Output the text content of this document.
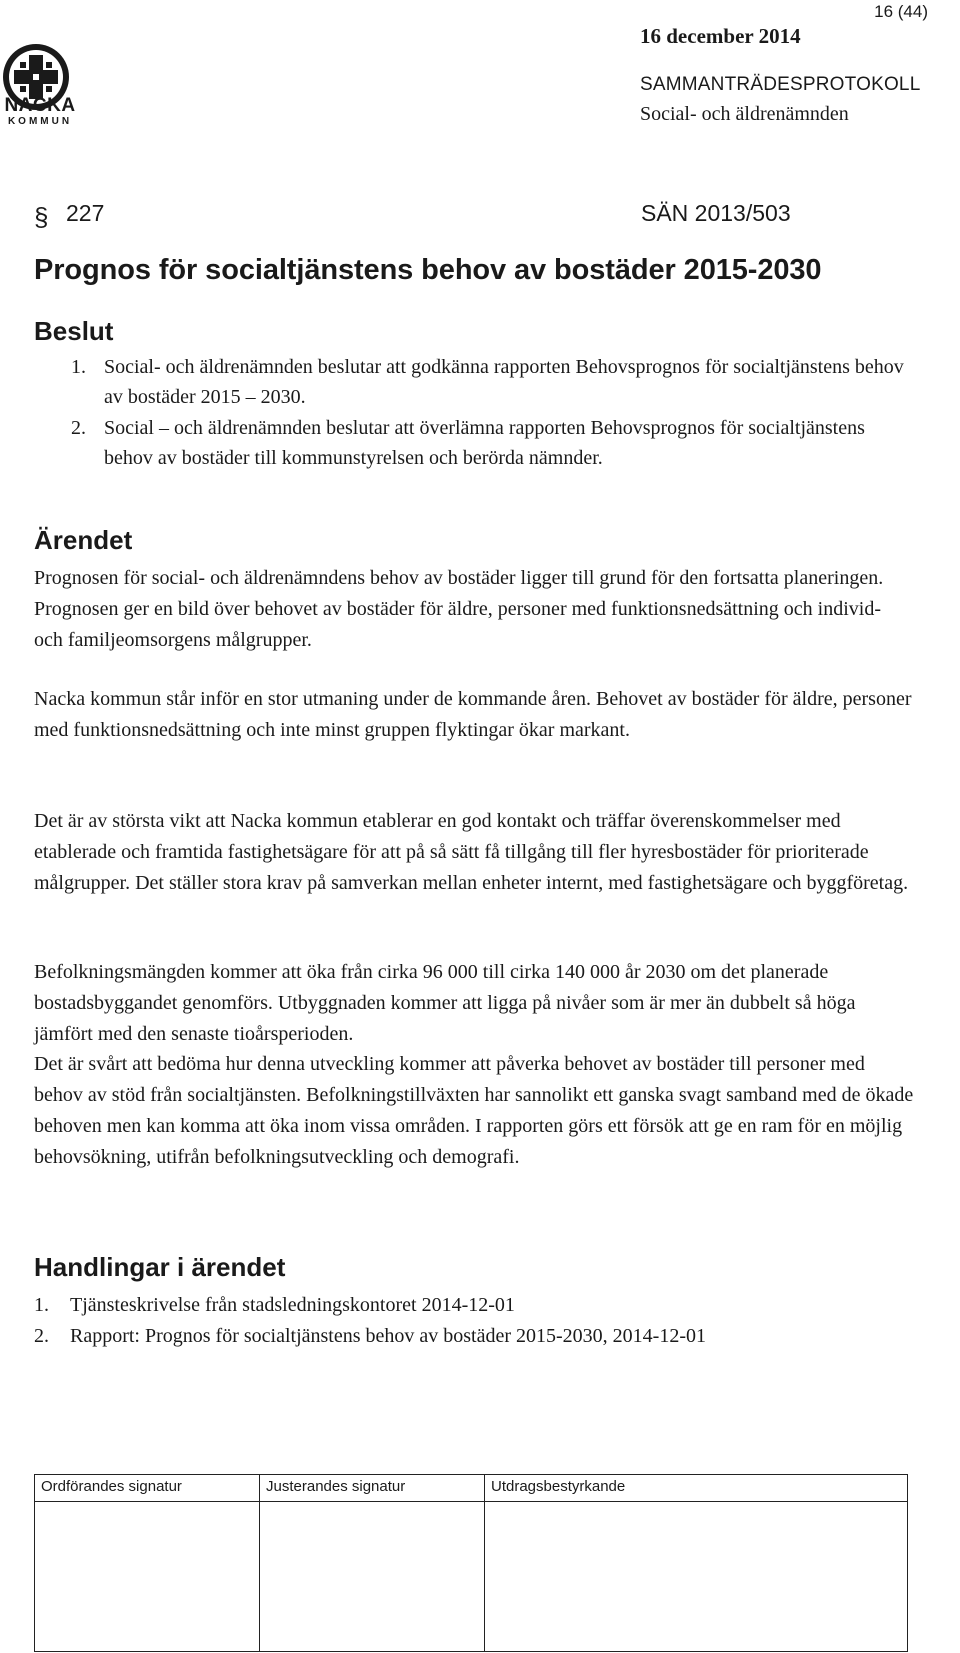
NACKA
KOMMUN
16 (44)
16 december 2014
SAMMANTRÄDESPROTOKOLL
Social- och äldrenämnden
§ 227	SÄN 2013/503
Prognos för socialtjänstens behov av bostäder 2015-2030
Beslut
1. Social- och äldrenämnden beslutar att godkänna rapporten Behovsprognos för socialtjänstens behov av bostäder 2015 – 2030.
2. Social – och äldrenämnden beslutar att överlämna rapporten Behovsprognos för socialtjänstens behov av bostäder till kommunstyrelsen och berörda nämnder.
Ärendet

Prognosen för social- och äldrenämndens behov av bostäder ligger till grund för den fortsatta planeringen. Prognosen ger en bild över behovet av bostäder för äldre, personer med funktionsnedsättning och individ- och familjeomsorgens målgrupper.

Nacka kommun står inför en stor utmaning under de kommande åren. Behovet av bostäder för äldre, personer med funktionsnedsättning och inte minst gruppen flyktingar ökar markant.

Det är av största vikt att Nacka kommun etablerar en god kontakt och träffar överenskommelser med etablerade och framtida fastighetsägare för att på så sätt få tillgång till fler hyresbostäder för prioriterade målgrupper. Det ställer stora krav på samverkan mellan enheter internt, med fastighetsägare och byggföretag.

Befolkningsmängden kommer att öka från cirka 96 000 till cirka 140 000 år 2030 om det planerade bostadsbyggandet genomförs. Utbyggnaden kommer att ligga på nivåer som är mer än dubbelt så höga jämfört med den senaste tioårsperioden.

Det är svårt att bedöma hur denna utveckling kommer att påverka behovet av bostäder till personer med behov av stöd från socialtjänsten. Befolkningstillväxten har sannolikt ett ganska svagt samband med de ökade behoven men kan komma att öka inom vissa områden. I rapporten görs ett försök att ge en ram för en möjlig behovsökning, utifrån befolkningsutveckling och demografi.

Handlingar i ärendet
1. Tjänsteskrivelse från stadsledningskontoret 2014-12-01
2. Rapport: Prognos för socialtjänstens behov av bostäder 2015-2030, 2014-12-01
Ordförandes signatur	Justerandes signatur	Utdragsbestyrkande
